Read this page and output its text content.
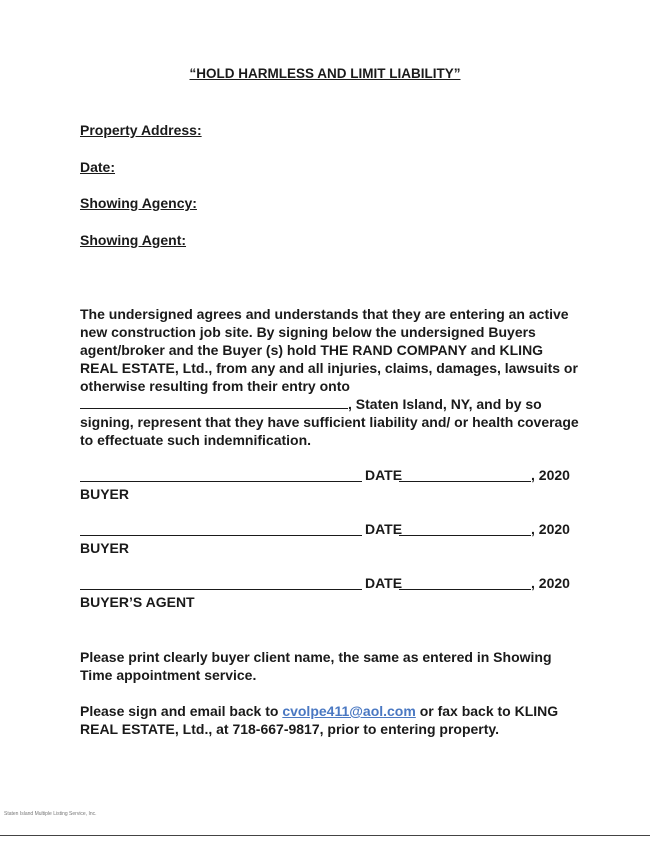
“HOLD HARMLESS AND LIMIT LIABILITY”
Property Address:
Date:
Showing Agency:
Showing Agent:

The undersigned agrees and understands that they are entering an active new construction job site. By signing below the undersigned Buyers agent/broker and the Buyer (s) hold THE RAND COMPANY and KLING REAL ESTATE, Ltd., from any and all injuries, claims, damages, lawsuits or otherwise resulting from their entry onto, Staten Island, NY, and by so signing, represent that they have sufficient liability and/ or health coverage to effectuate such indemnification.

DATE	, 2020
BUYER
DATE	, 2020
BUYER
DATE	, 2020
BUYER’S AGENT

Please print clearly buyer client name, the same as entered in Showing Time appointment service.

Please sign and email back to cvolpe411@aol.com or fax back to KLING REAL ESTATE, Ltd., at 718-667-9817, prior to entering property.

Staten Island Multiple Listing Service, Inc.
